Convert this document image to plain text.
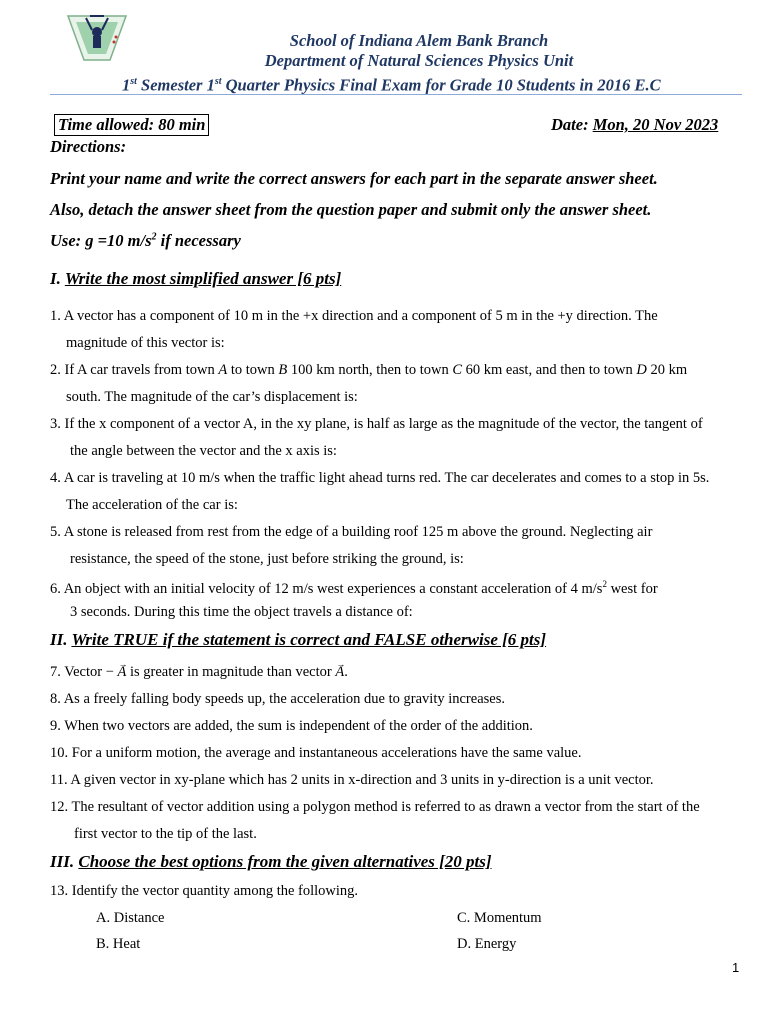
School of Indiana Alem Bank Branch
Department of Natural Sciences Physics Unit
1st Semester 1st Quarter Physics Final Exam for Grade 10 Students in 2016 E.C
Time allowed: 80 min	Date: Mon, 20 Nov 2023
Directions:
Print your name and write the correct answers for each part in the separate answer sheet.
Also, detach the answer sheet from the question paper and submit only the answer sheet.
Use: g =10 $m/s^2$ if necessary
I. Write the most simplified answer [6 pts]
1. A vector has a component of 10 m in the +x direction and a component of 5 m in the +y direction. The
magnitude of this vector is:
2. If A car travels from town A to town B 100 km north, then to town C 60 km east, and then to town D 20 km
south. The magnitude of the car’s displacement is:
3. If the x component of a vector A, in the xy plane, is half as large as the magnitude of the vector, the tangent of
the angle between the vector and the x axis is:
4. A car is traveling at 10 m/s when the traffic light ahead turns red. The car decelerates and comes to a stop in 5s.
The acceleration of the car is:
5. A stone is released from rest from the edge of a building roof 125 m above the ground. Neglecting air
resistance, the speed of the stone, just before striking the ground, is:
6. An object with an initial velocity of 12 m/s west experiences a constant acceleration of 4 $m/s^2$ west for
3 seconds. During this time the object travels a distance of:
II. Write TRUE if the statement is correct and FALSE otherwise [6 pts]
7. Vector − → A is greater in magnitude than vector → A.
8. As a freely falling body speeds up, the acceleration due to gravity increases.
9. When two vectors are added, the sum is independent of the order of the addition.
10. For a uniform motion, the average and instantaneous accelerations have the same value.
11. A given vector in xy-plane which has 2 units in x-direction and 3 units in y-direction is a unit vector.
12. The resultant of vector addition using a polygon method is referred to as drawn a vector from the start of the
first vector to the tip of the last.
III. Choose the best options from the given alternatives [20 pts]
13. Identify the vector quantity among the following.
A. Distance	C. Momentum
B. Heat	D. Energy
1
